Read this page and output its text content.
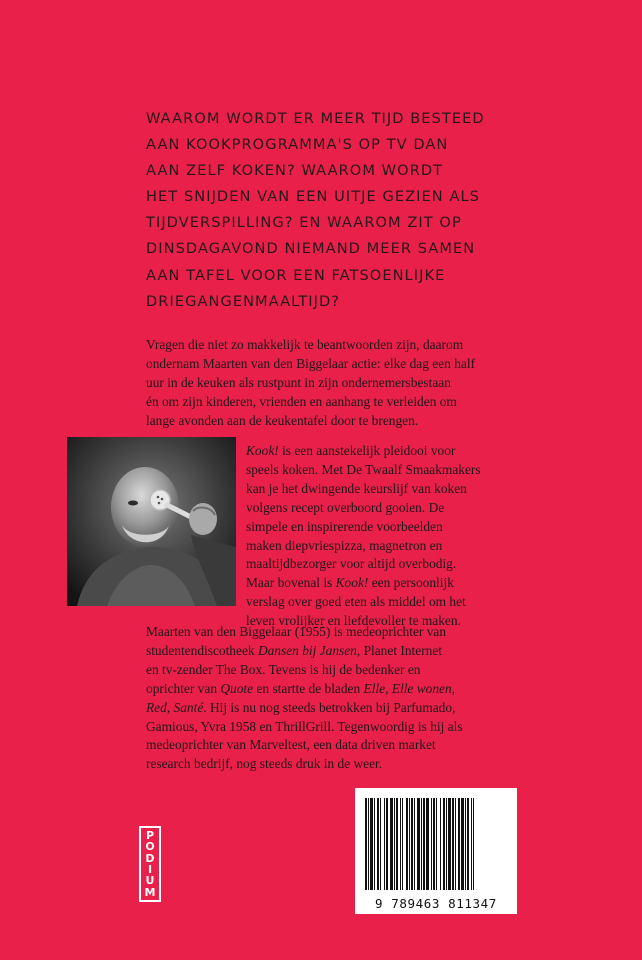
WAAROM WORDT ER MEER TIJD BESTEED
AAN KOOKPROGRAMMA'S OP TV DAN
AAN ZELF KOKEN? WAAROM WORDT
HET SNIJDEN VAN EEN UITJE GEZIEN ALS
TIJDVERSPILLING? EN WAAROM ZIT OP
DINSDAGAVOND NIEMAND MEER SAMEN
AAN TAFEL VOOR EEN FATSOENLIJKE
DRIEGANGENMAALTIJD?

Vragen die niet zo makkelijk te beantwoorden zijn, daarom
ondernam Maarten van den Biggelaar actie: elke dag een half
uur in de keuken als rustpunt in zijn ondernemersbestaan
én om zijn kinderen, vrienden en aanhang te verleiden om
lange avonden aan de keukentafel door te brengen.

Kook! is een aanstekelijk pleidooi voor
speels koken. Met De Twaalf Smaakmakers
kan je het dwingende keurslijf van koken
volgens recept overboord gooien. De
simpele en inspirerende voorbeelden
maken diepvriespizza, magnetron en
maaltijdbezorger voor altijd overbodig.
Maar bovenal is Kook! een persoonlijk
verslag over goed eten als middel om het
leven vrolijker en liefdevoller te maken.

Maarten van den Biggelaar (1955) is medeoprichter van
studentendiscotheek Dansen bij Jansen, Planet Internet
en tv-zender The Box. Tevens is hij de bedenker en
oprichter van Quote en startte de bladen Elle, Elle wonen,
Red, Santé. Hij is nu nog steeds betrokken bij Parfumado,
Gamious, Yvra 1958 en ThrillGrill. Tegenwoordig is hij als
medeoprichter van Marveltest, een data driven market
research bedrijf, nog steeds druk in de weer.

P
O
D
I
U
M
9 789463 811347
